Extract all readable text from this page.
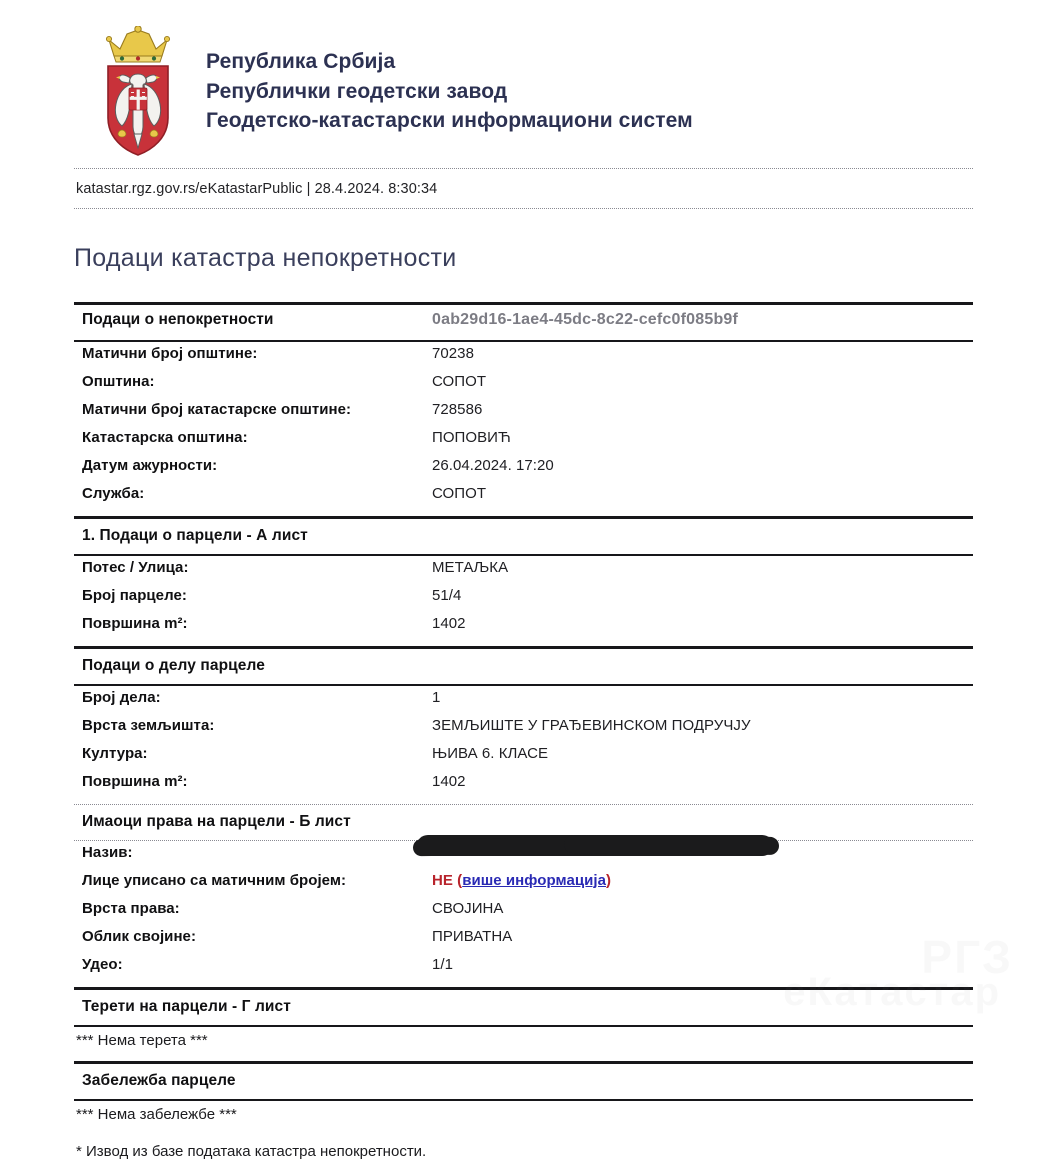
РГЗ
еКатастар
Република Србија
Републички геодетски завод
Геодетско-катастарски информациони систем
katastar.rgz.gov.rs/eKatastarPublic | 28.4.2024. 8:30:34
Подаци катастра непокретности
Подаци о непокретности	0ab29d16-1ae4-45dc-8c22-cefc0f085b9f
Матични број општине:	70238
Општина:	СОПОТ
Матични број катастарске општине:	728586
Катастарска општина:	ПОПОВИЋ
Датум ажурности:	26.04.2024. 17:20
Служба:	СОПОТ
1. Подаци о парцели - А лист
Потес / Улица:	МЕТАЉКА
Број парцеле:	51/4
Површина m²:	1402
Подаци о делу парцеле
Број дела:	1
Врста земљишта:	ЗЕМЉИШТЕ У ГРАЂЕВИНСКОМ ПОДРУЧЈУ
Култура:	ЊИВА 6. КЛАСЕ
Површина m²:	1402
Имаоци права на парцели - Б лист
Назив:
Лице уписано са матичним бројем:	НЕ (више информација)
Врста права:	СВОЈИНА
Облик својине:	ПРИВАТНА
Удео:	1/1
Терети на парцели - Г лист
*** Нема терета ***
Забележба парцеле
*** Нема забележбе ***
* Извод из базе података катастра непокретности.
